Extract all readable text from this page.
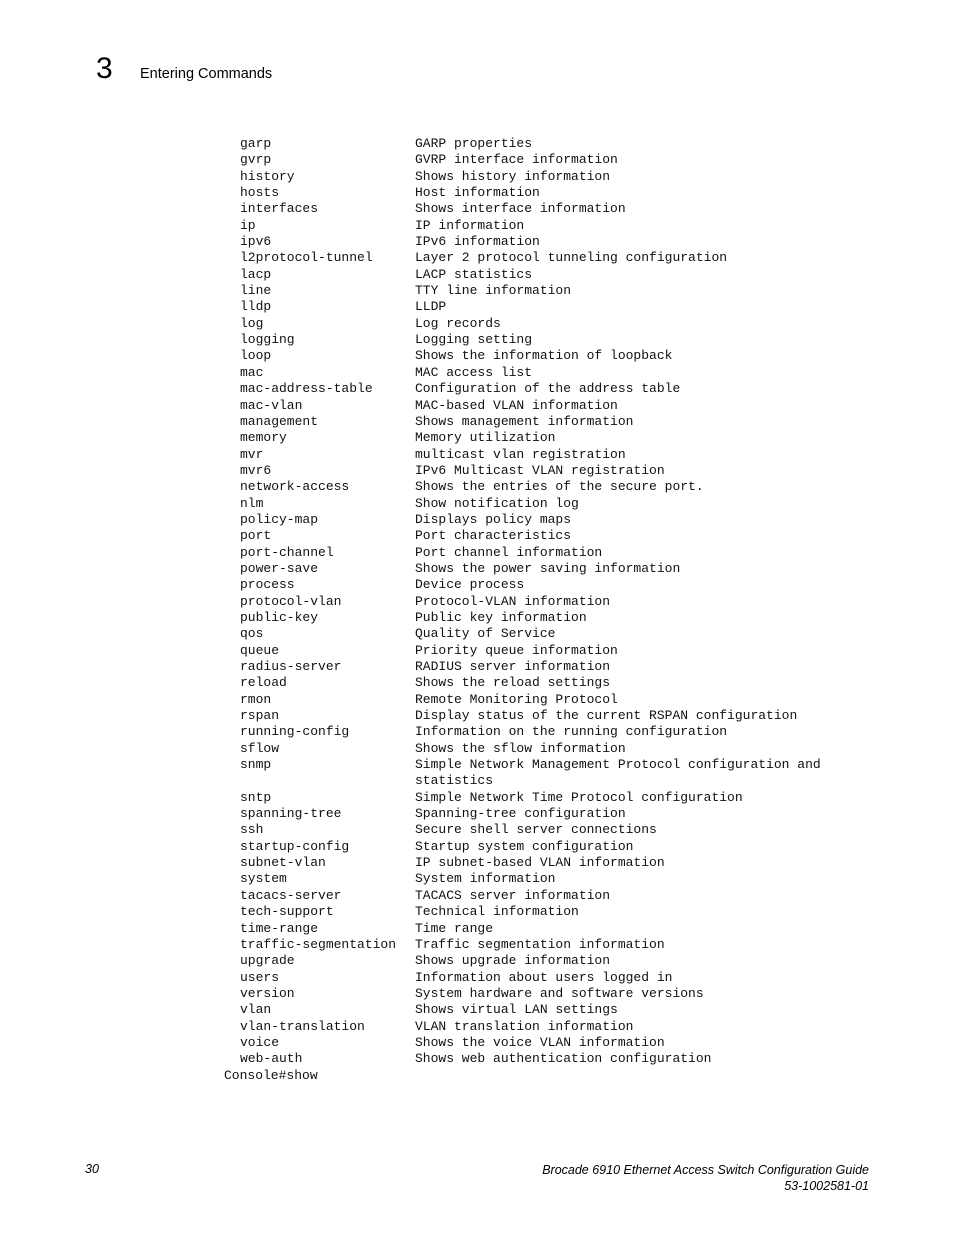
3 Entering Commands
garp	GARP properties
gvrp	GVRP interface information
history	Shows history information
hosts	Host information
interfaces	Shows interface information
ip	IP information
ipv6	IPv6 information
l2protocol-tunnel	Layer 2 protocol tunneling configuration
lacp	LACP statistics
line	TTY line information
lldp	LLDP
log	Log records
logging	Logging setting
loop	Shows the information of loopback
mac	MAC access list
mac-address-table	Configuration of the address table
mac-vlan	MAC-based VLAN information
management	Shows management information
memory	Memory utilization
mvr	multicast vlan registration
mvr6	IPv6 Multicast VLAN registration
network-access	Shows the entries of the secure port.
nlm	Show notification log
policy-map	Displays policy maps
port	Port characteristics
port-channel	Port channel information
power-save	Shows the power saving information
process	Device process
protocol-vlan	Protocol-VLAN information
public-key	Public key information
qos	Quality of Service
queue	Priority queue information
radius-server	RADIUS server information
reload	Shows the reload settings
rmon	Remote Monitoring Protocol
rspan	Display status of the current RSPAN configuration
running-config	Information on the running configuration
sflow	Shows the sflow information
snmp	Simple Network Management Protocol configuration and
statistics
sntp	Simple Network Time Protocol configuration
spanning-tree	Spanning-tree configuration
ssh	Secure shell server connections
startup-config	Startup system configuration
subnet-vlan	IP subnet-based VLAN information
system	System information
tacacs-server	TACACS server information
tech-support	Technical information
time-range	Time range
traffic-segmentation	Traffic segmentation information
upgrade	Shows upgrade information
users	Information about users logged in
version	System hardware and software versions
vlan	Shows virtual LAN settings
vlan-translation	VLAN translation information
voice	Shows the voice VLAN information
web-auth	Shows web authentication configuration
Console#show
30	Brocade 6910 Ethernet Access Switch Configuration Guide
53-1002581-01
